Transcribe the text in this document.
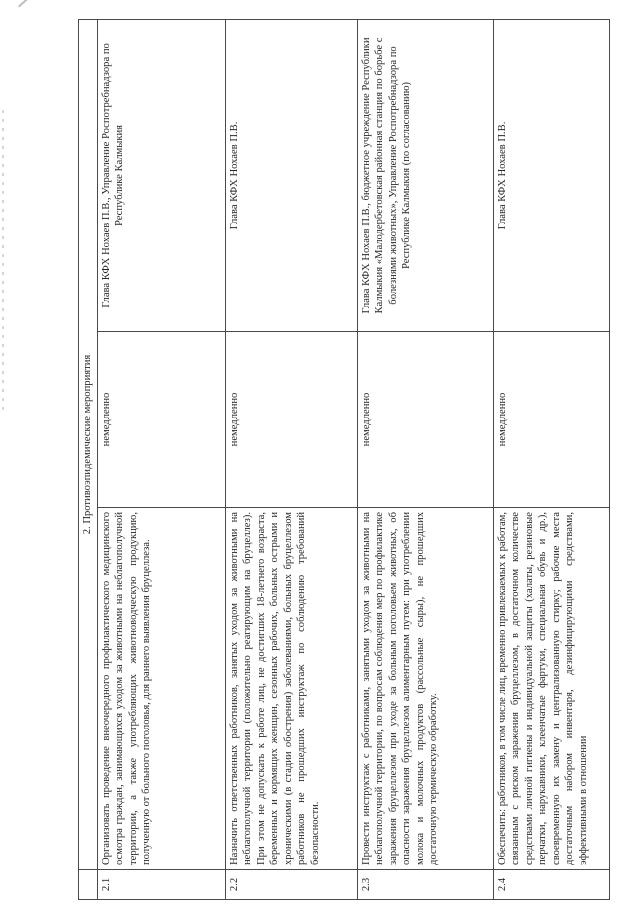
	2. Противоэпидемические мероприятия		
2.1	Организовать проведение внеочередного профилактического медицинского осмотра граждан, занимающихся уходом за животными на неблагополучной территории, а также употребляющих животноводческую продукцию, полученную от больного поголовья, для раннего выявления бруцеллеза.	немедленно	Глава КФХ Нохаев П.В., Управление Роспотребнадзора по Республике Калмыкия
2.2	Назначить ответственных работников, занятых уходом за животными на неблагополучной территории (положительно реагирующим на бруцеллез). При этом не допускать к работе лиц, не достигших 18-летнего возраста, беременных и кормящих женщин, сезонных рабочих, больных острыми и хроническими (в стадии обострения) заболеваниями, больных бруцеллезом работников не прошедших инструктаж по соблюдению требований безопасности.	немедленно	Глава КФХ Нохаев П.В.
2.3	Провести инструктаж с работниками, занятыми уходом за животными на неблагополучной территории, по вопросам соблюдения мер по профилактике заражения бруцеллезом при уходе за больным поголовьем животных, об опасности заражения бруцеллезом алиментарным путем: при употреблении молока и молочных продуктов (рассольные сыры), не прошедших достаточную термическую обработку.	немедленно	Глава КФХ Нохаев П.В., бюджетное учреждение Республики Калмыкия «Малодербетовская районная станция по борьбе с болезнями животных», Управление Роспотребнадзора по Республике Калмыкия (по согласованию)
2.4	Обеспечить: работников, в том числе лиц, временно привлекаемых к работам, связанным с риском заражения бруцеллезом, в достаточном количестве средствами личной гигиены и индивидуальной защиты (халаты, резиновые перчатки, нарукавники, клеенчатые фартуки, специальная обувь и др.), своевременную их замену и централизованную стирку; рабочие места достаточным набором инвентаря, дезинфицирующими средствами, эффективными в отношении	немедленно	Глава КФХ Нохаев П.В.
